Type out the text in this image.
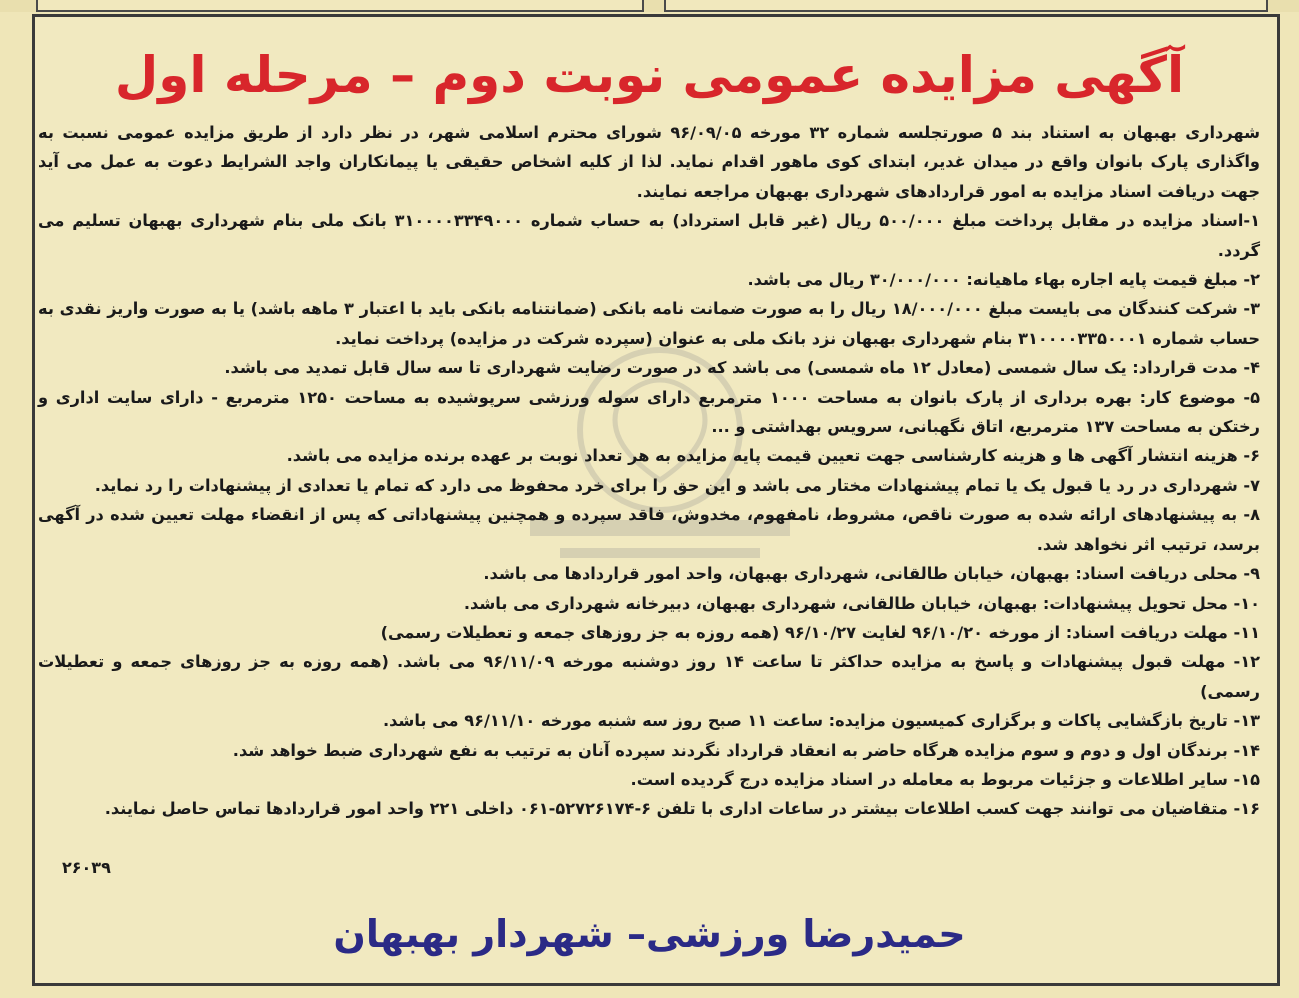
آگهی مزایده عمومی نوبت دوم – مرحله اول

شهرداری بهبهان به استناد بند ۵ صورتجلسه شماره ۳۲ مورخه ۹۶/۰۹/۰۵ شورای محترم اسلامی شهر، در نظر دارد از طریق مزایده عمومی نسبت به واگذاری پارک بانوان واقع در میدان غدیر، ابتدای کوی ماهور اقدام نماید. لذا از کلیه اشخاص حقیقی یا پیمانکاران واجد الشرایط دعوت به عمل می آید جهت دریافت اسناد مزایده به امور قراردادهای شهرداری بهبهان مراجعه نمایند.

۱-اسناد مزایده در مقابل پرداخت مبلغ ۵۰۰/۰۰۰ ریال (غیر قابل استرداد) به حساب شماره ۳۱۰۰۰۰۳۳۴۹۰۰۰ بانک ملی بنام شهرداری بهبهان تسلیم می گردد.

۲- مبلغ قیمت پایه اجاره بهاء ماهیانه: ۳۰/۰۰۰/۰۰۰ ریال می باشد.

۳- شرکت کنندگان می بایست مبلغ ۱۸/۰۰۰/۰۰۰ ریال را به صورت ضمانت نامه بانکی (ضمانتنامه بانکی باید با اعتبار ۳ ماهه باشد) یا به صورت واریز نقدی به حساب شماره ۳۱۰۰۰۰۳۳۵۰۰۰۱ بنام شهرداری بهبهان نزد بانک ملی به عنوان (سپرده شرکت در مزایده) پرداخت نماید.

۴- مدت قرارداد: یک سال شمسی (معادل ۱۲ ماه شمسی) می باشد که در صورت رضایت شهرداری تا سه سال قابل تمدید می باشد.

۵- موضوع کار: بهره برداری از پارک بانوان به مساحت ۱۰۰۰ مترمربع دارای سوله ورزشی سرپوشیده به مساحت ۱۲۵۰ مترمربع - دارای سایت اداری و رختکن به مساحت ۱۳۷ مترمربع، اتاق نگهبانی، سرویس بهداشتی و ...

۶- هزینه انتشار آگهی ها و هزینه کارشناسی جهت تعیین قیمت پایه مزایده به هر تعداد نوبت بر عهده برنده مزایده می باشد.

۷- شهرداری در رد یا قبول یک یا تمام پیشنهادات مختار می باشد و این حق را برای خرد محفوظ می دارد که تمام یا تعدادی از پیشنهادات را رد نماید.

۸- به پیشنهادهای ارائه شده به صورت ناقص، مشروط، نامفهوم، مخدوش، فاقد سپرده و همچنین پیشنهاداتی که پس از انقضاء مهلت تعیین شده در آگهی برسد، ترتیب اثر نخواهد شد.

۹- محلی دریافت اسناد: بهبهان، خیابان طالقانی، شهرداری بهبهان، واحد امور قراردادها می باشد.

۱۰- محل تحویل پیشنهادات: بهبهان، خیابان طالقانی، شهرداری بهبهان، دبیرخانه شهرداری می باشد.

۱۱- مهلت دریافت اسناد: از مورخه ۹۶/۱۰/۲۰ لغایت ۹۶/۱۰/۲۷ (همه روزه به جز روزهای جمعه و تعطیلات رسمی)

۱۲- مهلت قبول پیشنهادات و پاسخ به مزایده حداکثر تا ساعت ۱۴ روز دوشنبه مورخه ۹۶/۱۱/۰۹ می باشد. (همه روزه به جز روزهای جمعه و تعطیلات رسمی)

۱۳- تاریخ بازگشایی پاکات و برگزاری کمیسیون مزایده: ساعت ۱۱ صبح روز سه شنبه مورخه ۹۶/۱۱/۱۰ می باشد.

۱۴- برندگان اول و دوم و سوم مزایده هرگاه حاضر به انعقاد قرارداد نگردند سپرده آنان به ترتیب به نفع شهرداری ضبط خواهد شد.

۱۵- سایر اطلاعات و جزئیات مربوط به معامله در اسناد مزایده درج گردیده است.

۱۶- متقاضیان می توانند جهت کسب اطلاعات بیشتر در ساعات اداری با تلفن ۶-۵۲۷۲۶۱۷۴-۰۶۱ داخلی ۲۲۱ واحد امور قراردادها تماس حاصل نمایند.

۲۶۰۳۹
حمیدرضا ورزشی– شهردار بهبهان
